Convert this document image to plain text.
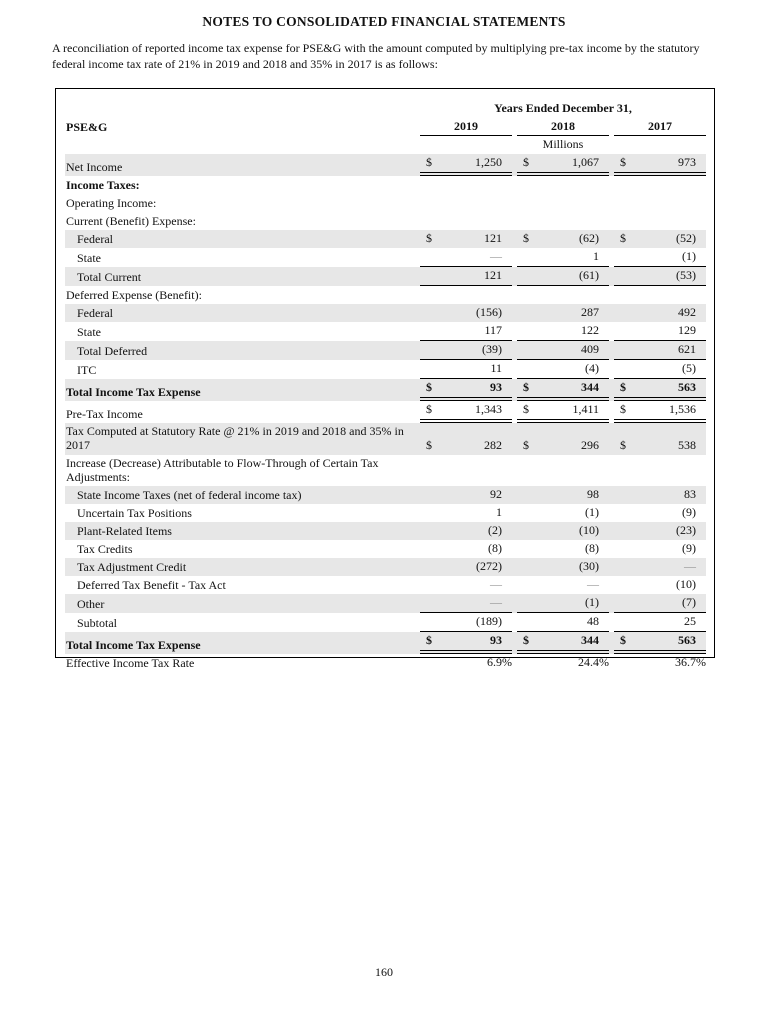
NOTES TO CONSOLIDATED FINANCIAL STATEMENTS

A reconciliation of reported income tax expense for PSE&G with the amount computed by multiplying pre-tax income by the statutory federal income tax rate of 21% in 2019 and 2018 and 35% in 2017 is as follows:

Years Ended December 31,
PSE&G	2019	2018	2017
Millions
Net Income	$	1,250 $	1,067 $	973
Income Taxes:
Operating Income:
Current (Benefit) Expense:
Federal	$	121 $	(62) $	(52)
State	—	1	(1)
Total Current	121	(61)	(53)
Deferred Expense (Benefit):
Federal	(156)	287	492
State	117	122	129
Total Deferred	(39)	409	621
ITC	11	(4)	(5)
Total Income Tax Expense	$	93 $	344 $	563
Pre-Tax Income	$	1,343 $	1,411 $	1,536
Tax Computed at Statutory Rate @ 21% in 2019 and 2018 and 35% in 2017	$	282 $	296 $	538
Increase (Decrease) Attributable to Flow-Through of Certain Tax Adjustments:
State Income Taxes (net of federal income tax)	92	98	83
Uncertain Tax Positions	1	(1)	(9)
Plant-Related Items	(2)	(10)	(23)
Tax Credits	(8)	(8)	(9)
Tax Adjustment Credit	(272)	(30)	—
Deferred Tax Benefit - Tax Act	—	—	(10)
Other	—	(1)	(7)
Subtotal	(189)	48	25
Total Income Tax Expense	$	93 $	344 $	563
Effective Income Tax Rate	6.9%	24.4%	36.7%
160
